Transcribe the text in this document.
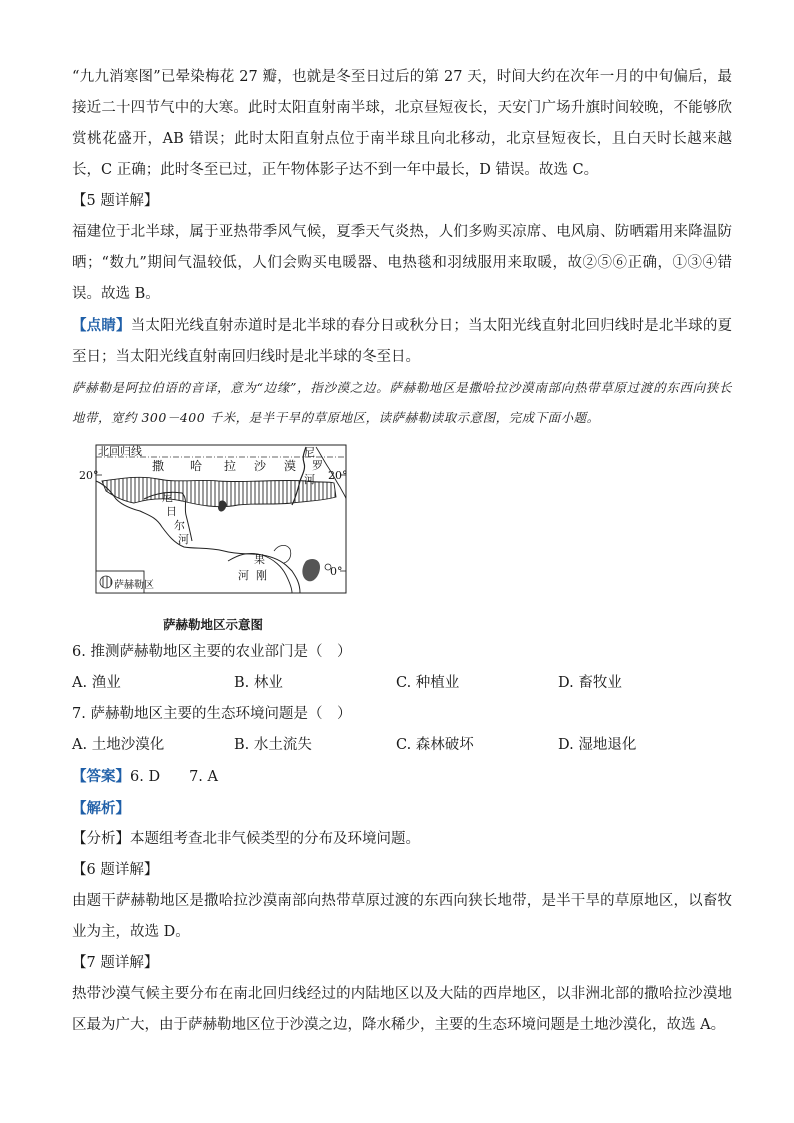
“九九消寒图”已晕染梅花 27 瓣，也就是冬至日过后的第 27 天，时间大约在次年一月的中旬偏后，最接近二十四节气中的大寒。此时太阳直射南半球，北京昼短夜长，天安门广场升旗时间较晚，不能够欣赏桃花盛开，AB 错误；此时太阳直射点位于南半球且向北移动，北京昼短夜长，且白天时长越来越长，C 正确；此时冬至已过，正午物体影子达不到一年中最长，D 错误。故选 C。

【5 题详解】

福建位于北半球，属于亚热带季风气候，夏季天气炎热，人们多购买凉席、电风扇、防晒霜用来降温防晒；“数九”期间气温较低，人们会购买电暖器、电热毯和羽绒服用来取暖，故②⑤⑥正确，①③④错误。故选 B。

【点睛】当太阳光线直射赤道时是北半球的春分日或秋分日；当太阳光线直射北回归线时是北半球的夏至日；当太阳光线直射南回归线时是北半球的冬至日。

萨赫勒是阿拉伯语的音译，意为“边缘”，指沙漠之边。萨赫勒地区是撒哈拉沙漠南部向热带草原过渡的东西向狭长地带，宽约 300－400 千米，是半干旱的草原地区，读萨赫勒读取示意图，完成下面小题。

20°	20°
0°
北回归线
撒 哈 拉 沙 漠
尼
罗
河
尼
日
尔
河
刚
果
河
萨赫勒区
萨赫勒地区示意图

6. 推测萨赫勒地区主要的农业部门是（　）

A. 渔业	B. 林业	C. 种植业	D. 畜牧业

7. 萨赫勒地区主要的生态环境问题是（　）

A. 土地沙漠化	B. 水土流失	C. 森林破坏	D. 湿地退化

【答案】6. D　　7. A

【解析】

【分析】本题组考查北非气候类型的分布及环境问题。

【6 题详解】

由题干萨赫勒地区是撒哈拉沙漠南部向热带草原过渡的东西向狭长地带，是半干旱的草原地区，以畜牧业为主，故选 D。

【7 题详解】

热带沙漠气候主要分布在南北回归线经过的内陆地区以及大陆的西岸地区，以非洲北部的撒哈拉沙漠地区最为广大，由于萨赫勒地区位于沙漠之边，降水稀少，主要的生态环境问题是土地沙漠化，故选 A。
